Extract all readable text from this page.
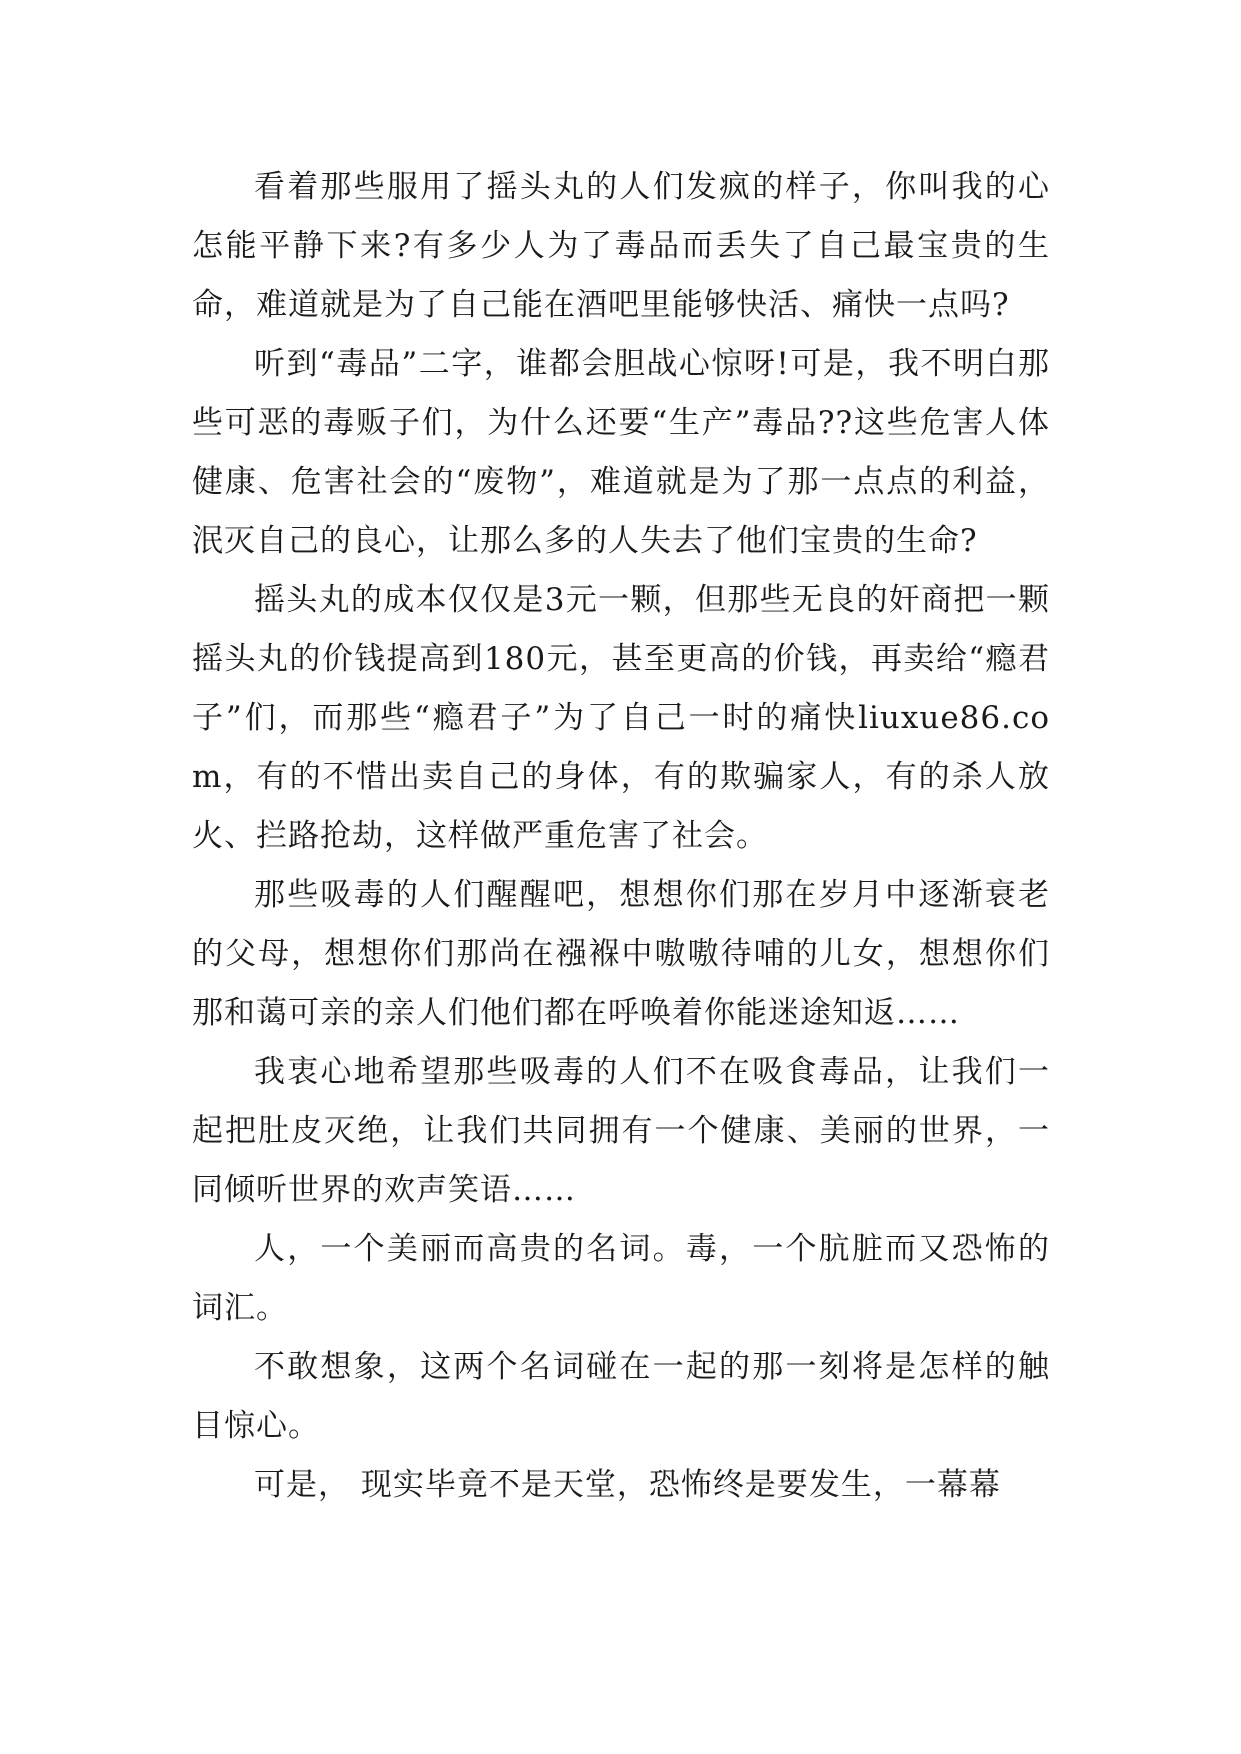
看着那些服用了摇头丸的人们发疯的样子，你叫我的心怎能平静下来?有多少人为了毒品而丢失了自己最宝贵的生命，难道就是为了自己能在酒吧里能够快活、痛快一点吗?

听到“毒品”二字，谁都会胆战心惊呀!可是，我不明白那些可恶的毒贩子们，为什么还要“生产”毒品??这些危害人体健康、危害社会的“废物”，难道就是为了那一点点的利益，泯灭自己的良心，让那么多的人失去了他们宝贵的生命?

摇头丸的成本仅仅是3元一颗，但那些无良的奸商把一颗摇头丸的价钱提高到180元，甚至更高的价钱，再卖给“瘾君子”们，而那些“瘾君子”为了自己一时的痛快liuxue86.com，有的不惜出卖自己的身体，有的欺骗家人，有的杀人放火、拦路抢劫，这样做严重危害了社会。

那些吸毒的人们醒醒吧，想想你们那在岁月中逐渐衰老的父母，想想你们那尚在襁褓中嗷嗷待哺的儿女，想想你们那和蔼可亲的亲人们他们都在呼唤着你能迷途知返……

我衷心地希望那些吸毒的人们不在吸食毒品，让我们一起把肚皮灭绝，让我们共同拥有一个健康、美丽的世界，一同倾听世界的欢声笑语……

人，一个美丽而高贵的名词。毒，一个肮脏而又恐怖的词汇。

不敢想象，这两个名词碰在一起的那一刻将是怎样的触目惊心。

可是， 现实毕竟不是天堂，恐怖终是要发生，一幕幕
